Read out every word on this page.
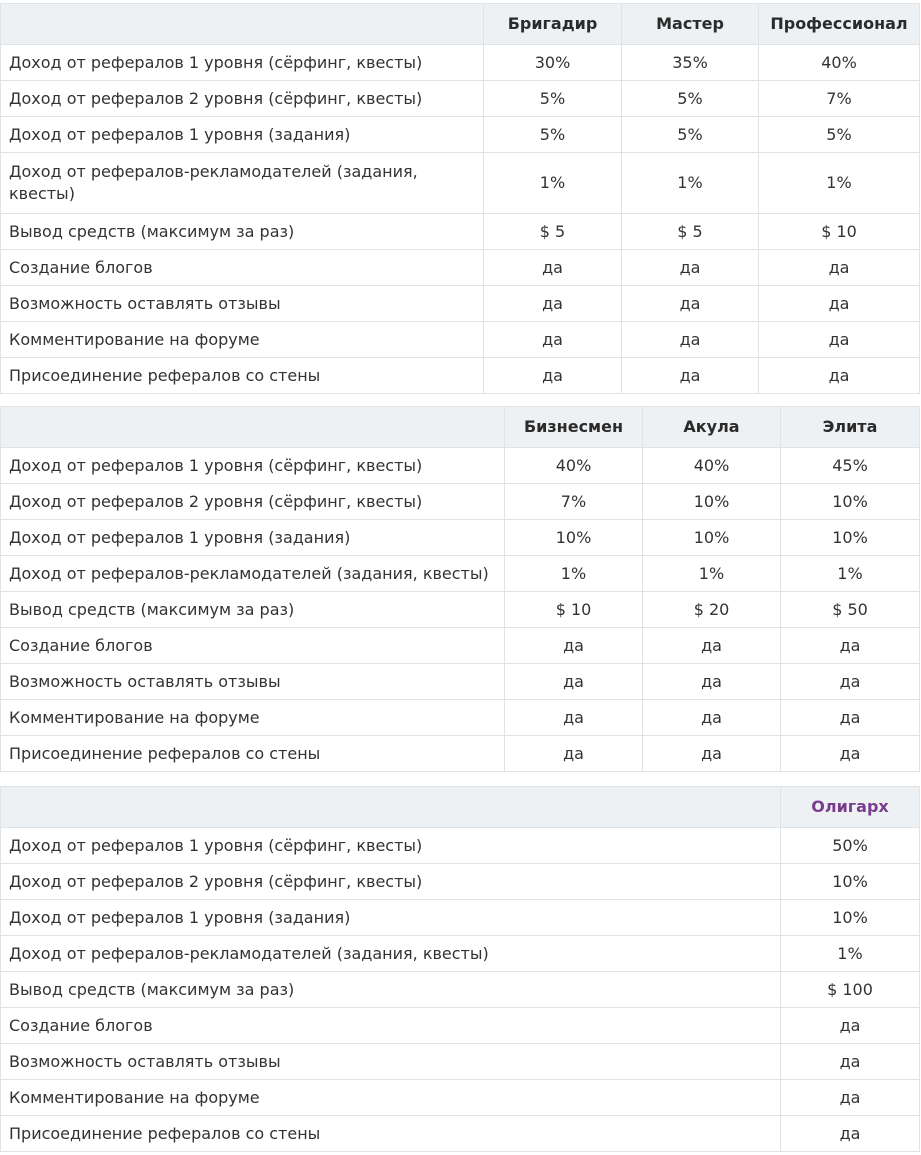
	Бригадир	Мастер	Профессионал
Доход от рефералов 1 уровня (сёрфинг, квесты)	30%	35%	40%
Доход от рефералов 2 уровня (сёрфинг, квесты)	5%	5%	7%
Доход от рефералов 1 уровня (задания)	5%	5%	5%
Доход от рефералов-рекламодателей (задания, квесты)	1%	1%	1%
Вывод средств (максимум за раз)	$ 5	$ 5	$ 10
Создание блогов	да	да	да
Возможность оставлять отзывы	да	да	да
Комментирование на форуме	да	да	да
Присоединение рефералов со стены	да	да	да
	Бизнесмен	Акула	Элита
Доход от рефералов 1 уровня (сёрфинг, квесты)	40%	40%	45%
Доход от рефералов 2 уровня (сёрфинг, квесты)	7%	10%	10%
Доход от рефералов 1 уровня (задания)	10%	10%	10%
Доход от рефералов-рекламодателей (задания, квесты)	1%	1%	1%
Вывод средств (максимум за раз)	$ 10	$ 20	$ 50
Создание блогов	да	да	да
Возможность оставлять отзывы	да	да	да
Комментирование на форуме	да	да	да
Присоединение рефералов со стены	да	да	да
	Олигарх
Доход от рефералов 1 уровня (сёрфинг, квесты)	50%
Доход от рефералов 2 уровня (сёрфинг, квесты)	10%
Доход от рефералов 1 уровня (задания)	10%
Доход от рефералов-рекламодателей (задания, квесты)	1%
Вывод средств (максимум за раз)	$ 100
Создание блогов	да
Возможность оставлять отзывы	да
Комментирование на форуме	да
Присоединение рефералов со стены	да
